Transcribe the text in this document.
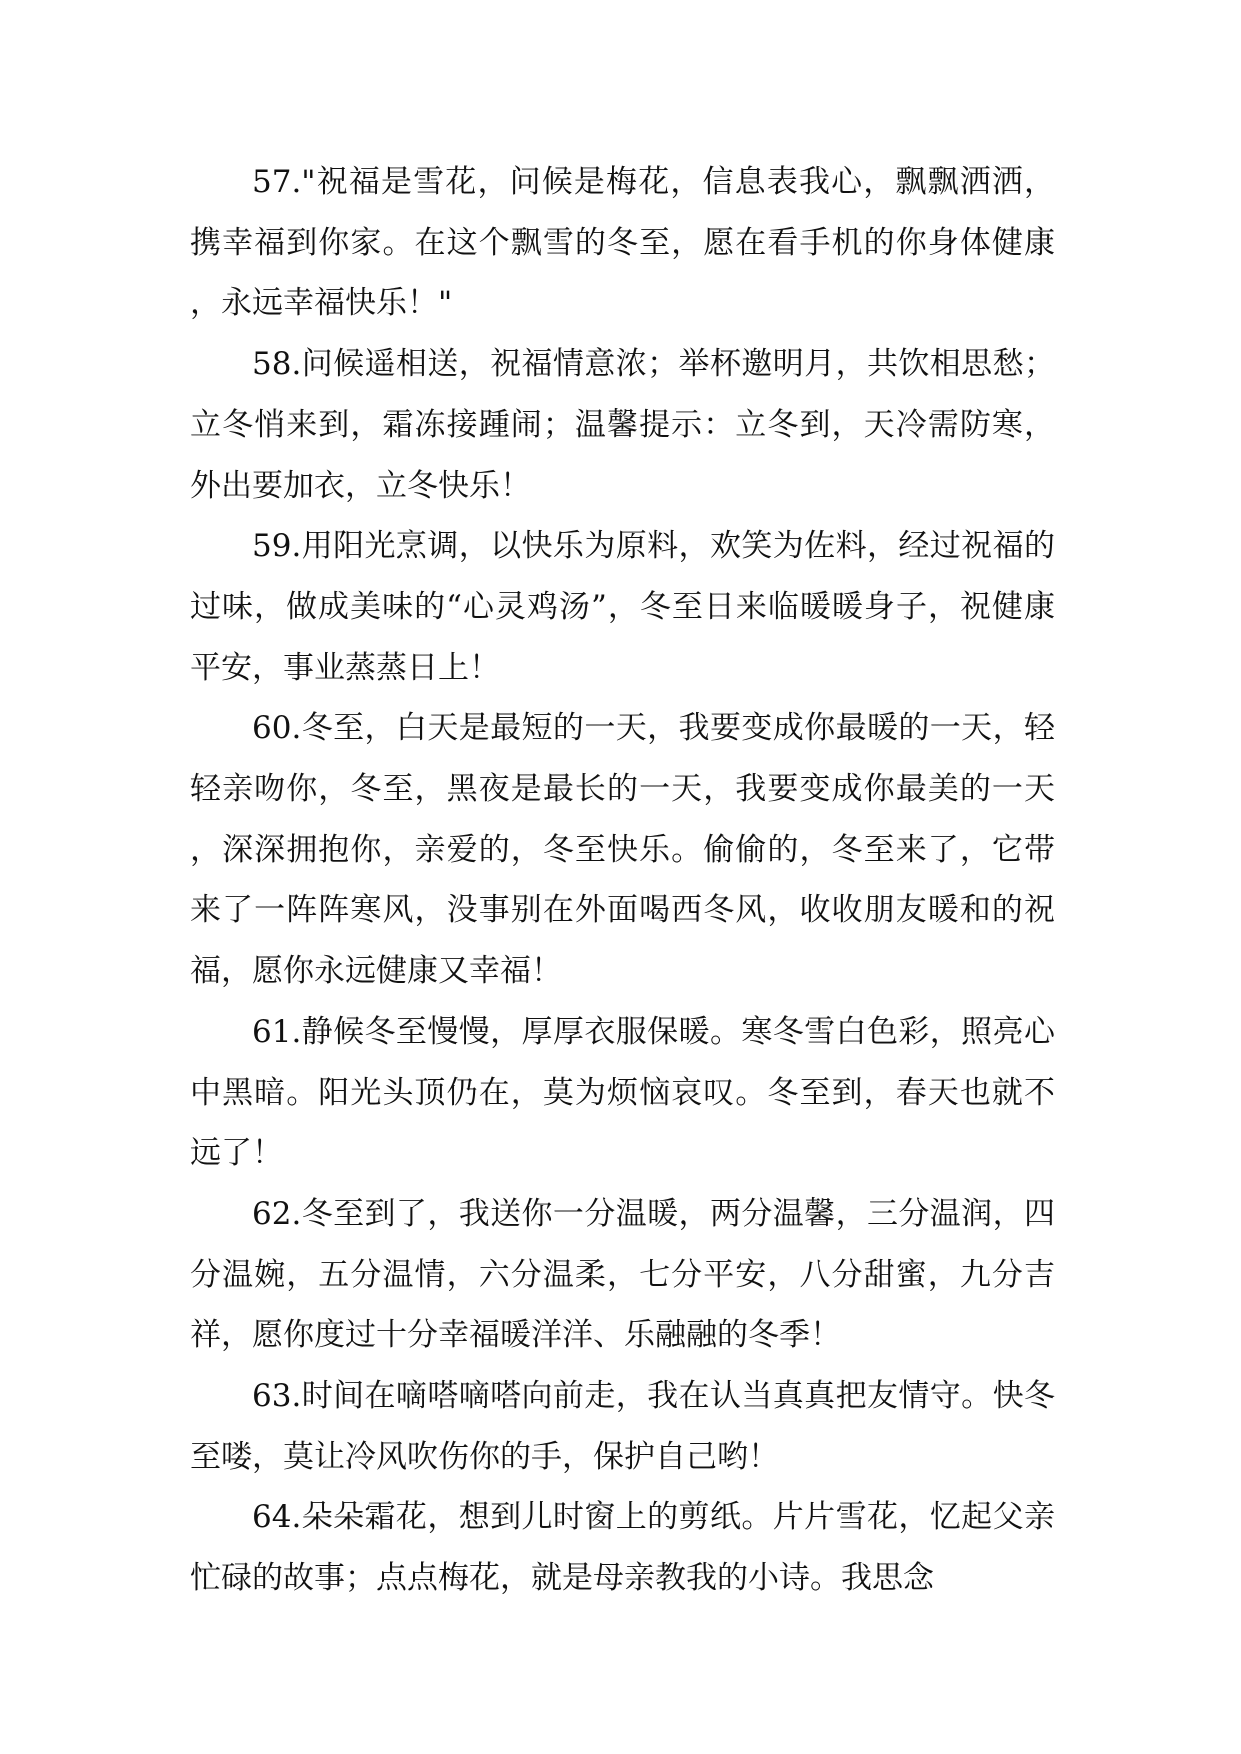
57."祝福是雪花，问候是梅花，信息表我心，飘飘洒洒，携幸福到你家。在这个飘雪的冬至，愿在看手机的你身体健康，永远幸福快乐！"

58.问候遥相送，祝福情意浓；举杯邀明月，共饮相思愁；立冬悄来到，霜冻接踵闹；温馨提示：立冬到，天冷需防寒，外出要加衣，立冬快乐！

59.用阳光烹调，以快乐为原料，欢笑为佐料，经过祝福的过味，做成美味的“心灵鸡汤”，冬至日来临暖暖身子，祝健康平安，事业蒸蒸日上！

60.冬至，白天是最短的一天，我要变成你最暖的一天，轻轻亲吻你，冬至，黑夜是最长的一天，我要变成你最美的一天，深深拥抱你，亲爱的，冬至快乐。偷偷的，冬至来了，它带来了一阵阵寒风，没事别在外面喝西冬风，收收朋友暖和的祝福，愿你永远健康又幸福！

61.静候冬至慢慢，厚厚衣服保暖。寒冬雪白色彩，照亮心中黑暗。阳光头顶仍在，莫为烦恼哀叹。冬至到，春天也就不远了！

62.冬至到了，我送你一分温暖，两分温馨，三分温润，四分温婉，五分温情，六分温柔，七分平安，八分甜蜜，九分吉祥，愿你度过十分幸福暖洋洋、乐融融的冬季！

63.时间在嘀嗒嘀嗒向前走，我在认当真真把友情守。快冬至喽，莫让冷风吹伤你的手，保护自己哟！

64.朵朵霜花，想到儿时窗上的剪纸。片片雪花，忆起父亲忙碌的故事；点点梅花，就是母亲教我的小诗。我思念
